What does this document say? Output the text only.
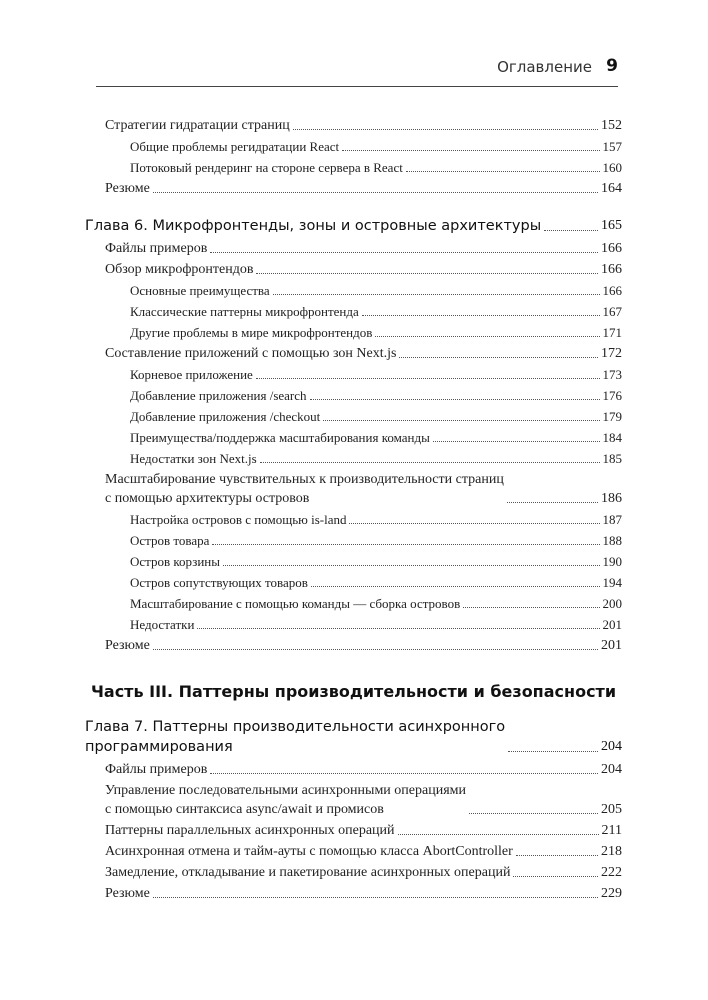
Оглавление 9
Стратегии гидратации страниц	152
Общие проблемы регидратации React	157
Потоковый рендеринг на стороне сервера в React	160
Резюме	164
Глава 6. Микрофронтенды, зоны и островные архитектуры	165
Файлы примеров	166
Обзор микрофронтендов	166
Основные преимущества	166
Классические паттерны микрофронтенда	167
Другие проблемы в мире микрофронтендов	171
Составление приложений с помощью зон Next.js	172
Корневое приложение	173
Добавление приложения /search	176
Добавление приложения /checkout	179
Преимущества/поддержка масштабирования команды	184
Недостатки зон Next.js	185
Масштабирование чувствительных к производительности страниц
с помощью архитектуры островов	186
Настройка островов с помощью is-land	187
Остров товара	188
Остров корзины	190
Остров сопутствующих товаров	194
Масштабирование с помощью команды — сборка островов	200
Недостатки	201
Резюме	201
Часть III. Паттерны производительности и безопасности
Глава 7. Паттерны производительности асинхронного
программирования	204
Файлы примеров	204
Управление последовательными асинхронными операциями
с помощью синтаксиса async/await и промисов	205
Паттерны параллельных асинхронных операций	211
Асинхронная отмена и тайм-ауты с помощью класса AbortController	218
Замедление, откладывание и пакетирование асинхронных операций	222
Резюме	229
